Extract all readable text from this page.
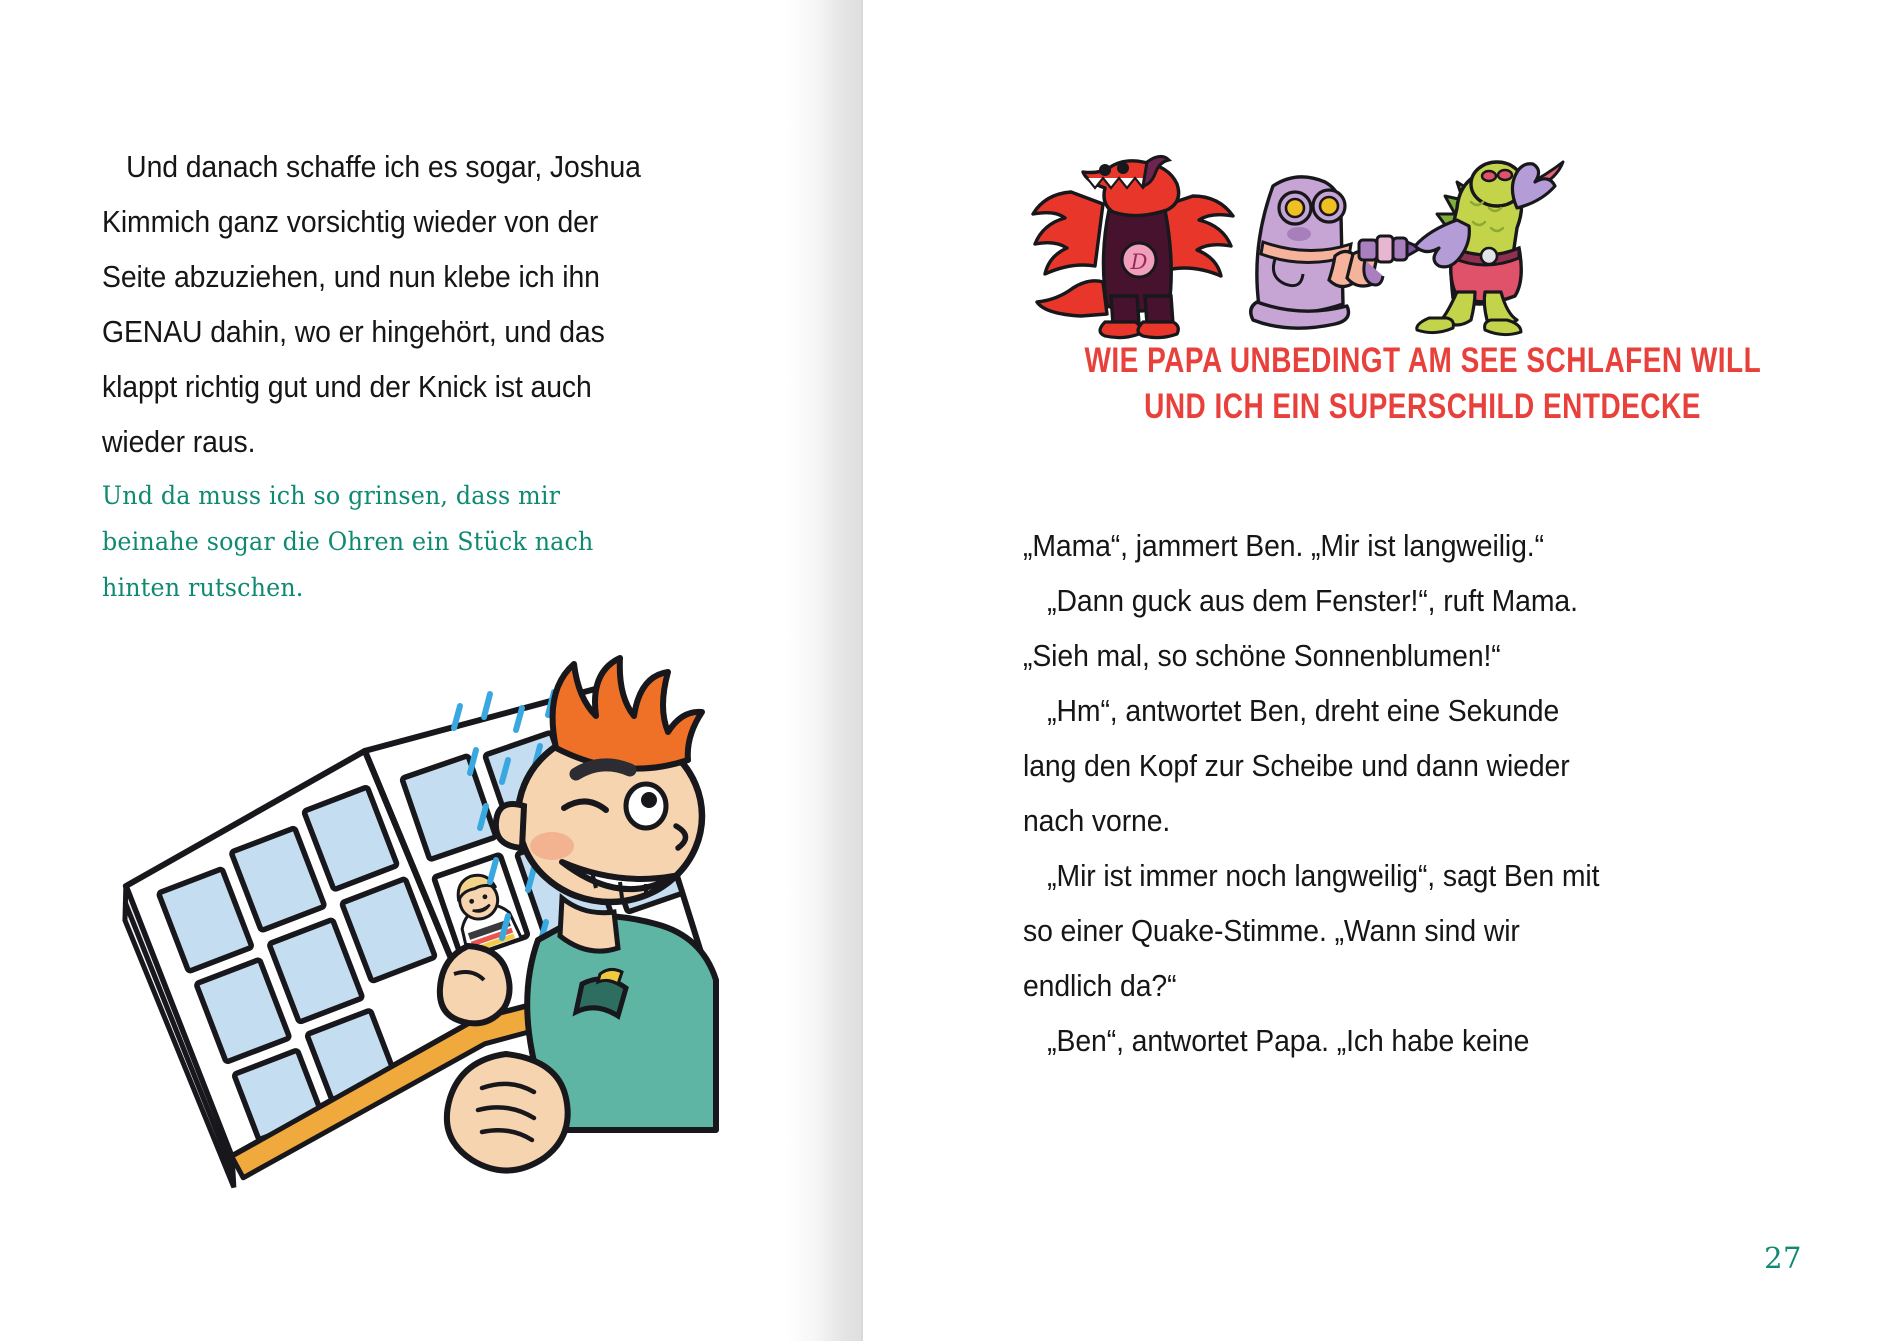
Und danach schaffe ich es sogar, Joshua Kimmich ganz vorsichtig wieder von der Seite abzuziehen, und nun klebe ich ihn GENAU dahin, wo er hingehört, und das klappt richtig gut und der Knick ist auch wieder raus.

Und da muss ich so grinsen, dass mir beinahe sogar die Ohren ein Stück nach hinten rutschen.
D
WIE PAPA UNBEDINGT AM SEE SCHLAFEN WILL
UND ICH EIN SUPERSCHILD ENTDECKE

„Mama“, jammert Ben. „Mir ist langweilig.“

„Dann guck aus dem Fenster!“, ruft Mama. „Sieh mal, so schöne Sonnenblumen!“

„Hm“, antwortet Ben, dreht eine Sekunde lang den Kopf zur Scheibe und dann wieder nach vorne.

„Mir ist immer noch langweilig“, sagt Ben mit so einer Quake-Stimme. „Wann sind wir endlich da?“

„Ben“, antwortet Papa. „Ich habe keine

27
